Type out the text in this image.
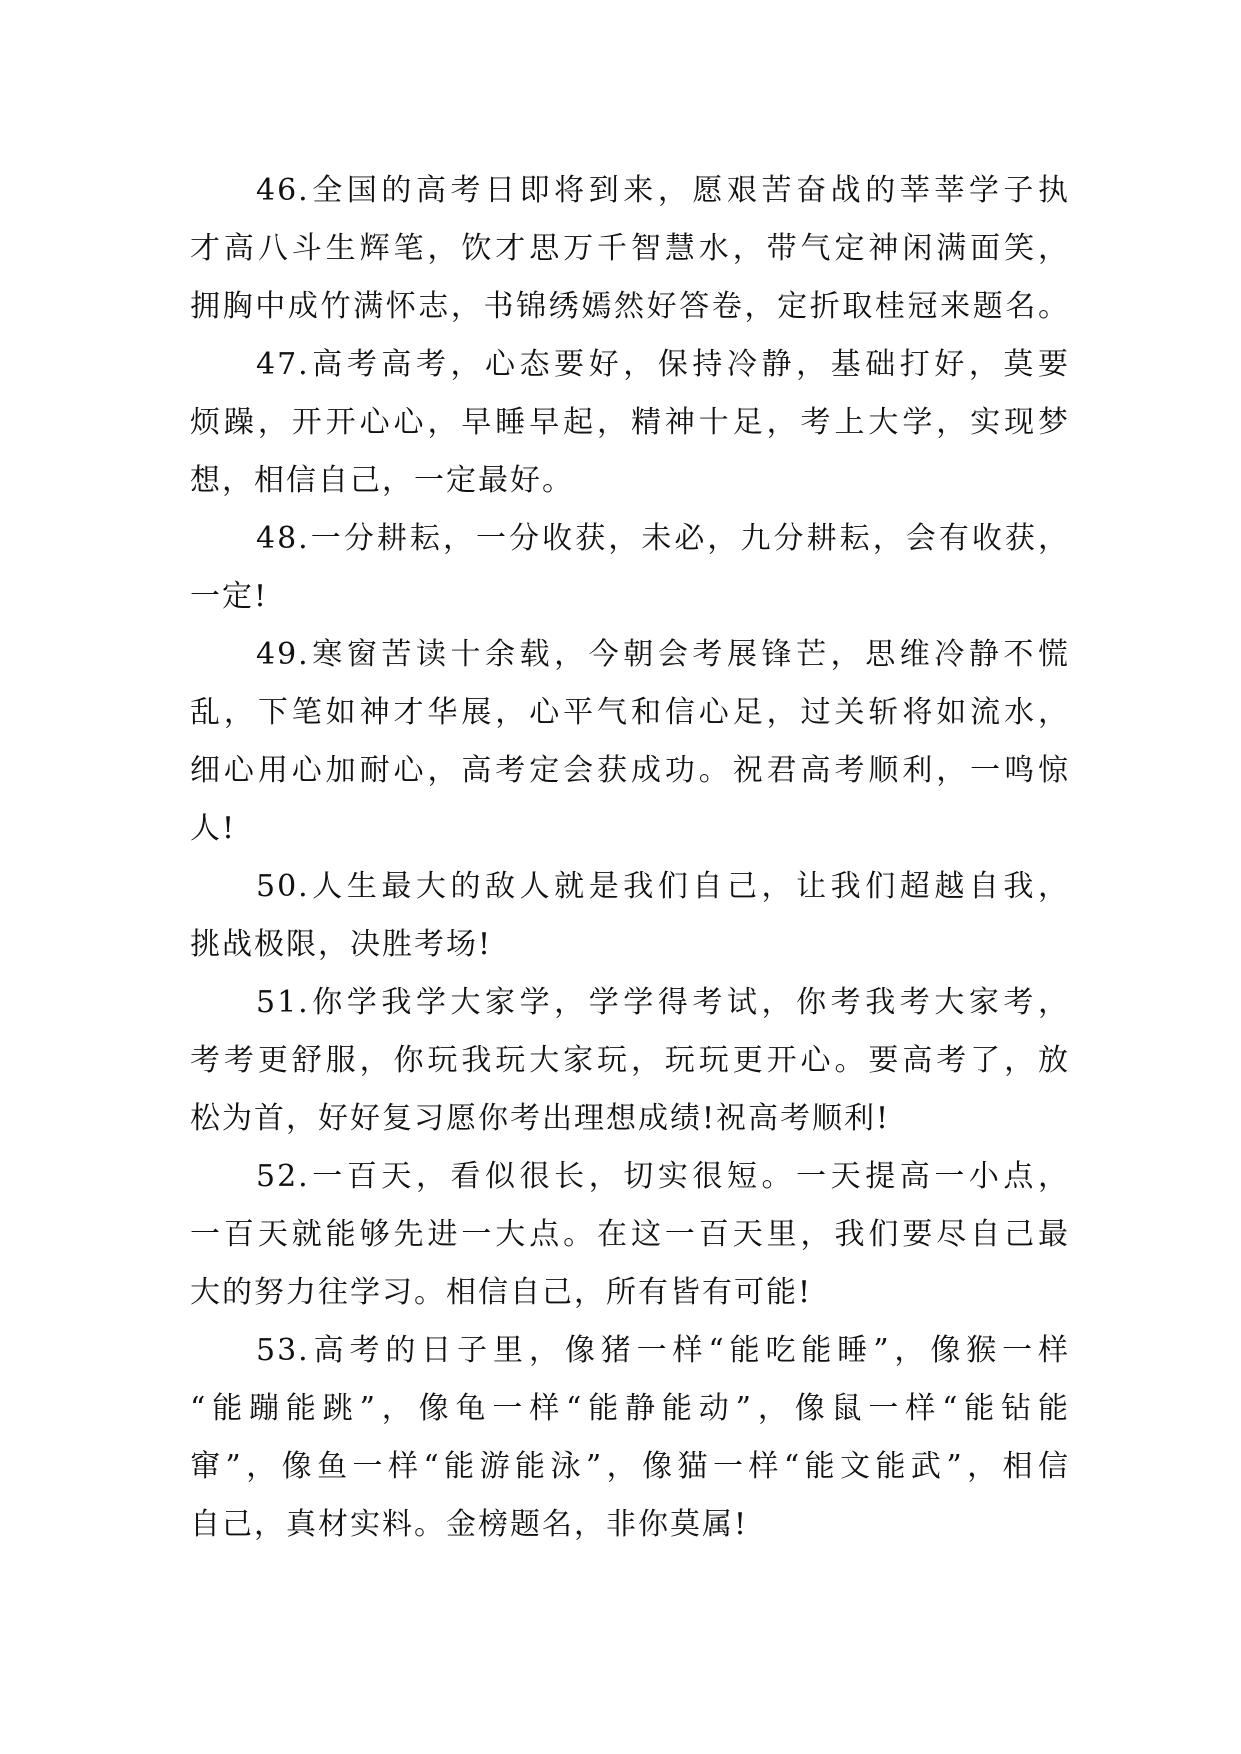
46.全国的高考日即将到来，愿艰苦奋战的莘莘学子执
才高八斗生辉笔，饮才思万千智慧水，带气定神闲满面笑，
拥胸中成竹满怀志，书锦绣嫣然好答卷，定折取桂冠来题名。
47.高考高考，心态要好，保持冷静，基础打好，莫要
烦躁，开开心心，早睡早起，精神十足，考上大学，实现梦
想，相信自己，一定最好。
48.一分耕耘，一分收获，未必，九分耕耘，会有收获，
一定!
49.寒窗苦读十余载，今朝会考展锋芒，思维冷静不慌
乱，下笔如神才华展，心平气和信心足，过关斩将如流水，
细心用心加耐心，高考定会获成功。祝君高考顺利，一鸣惊
人!
50.人生最大的敌人就是我们自己，让我们超越自我，
挑战极限，决胜考场!
51.你学我学大家学，学学得考试，你考我考大家考，
考考更舒服，你玩我玩大家玩，玩玩更开心。要高考了，放
松为首，好好复习愿你考出理想成绩!祝高考顺利!
52.一百天，看似很长，切实很短。一天提高一小点，
一百天就能够先进一大点。在这一百天里，我们要尽自己最
大的努力往学习。相信自己，所有皆有可能!
53.高考的日子里，像猪一样“能吃能睡”，像猴一样
“能蹦能跳”，像龟一样“能静能动”，像鼠一样“能钻能
窜”，像鱼一样“能游能泳”，像猫一样“能文能武”，相信
自己，真材实料。金榜题名，非你莫属!
